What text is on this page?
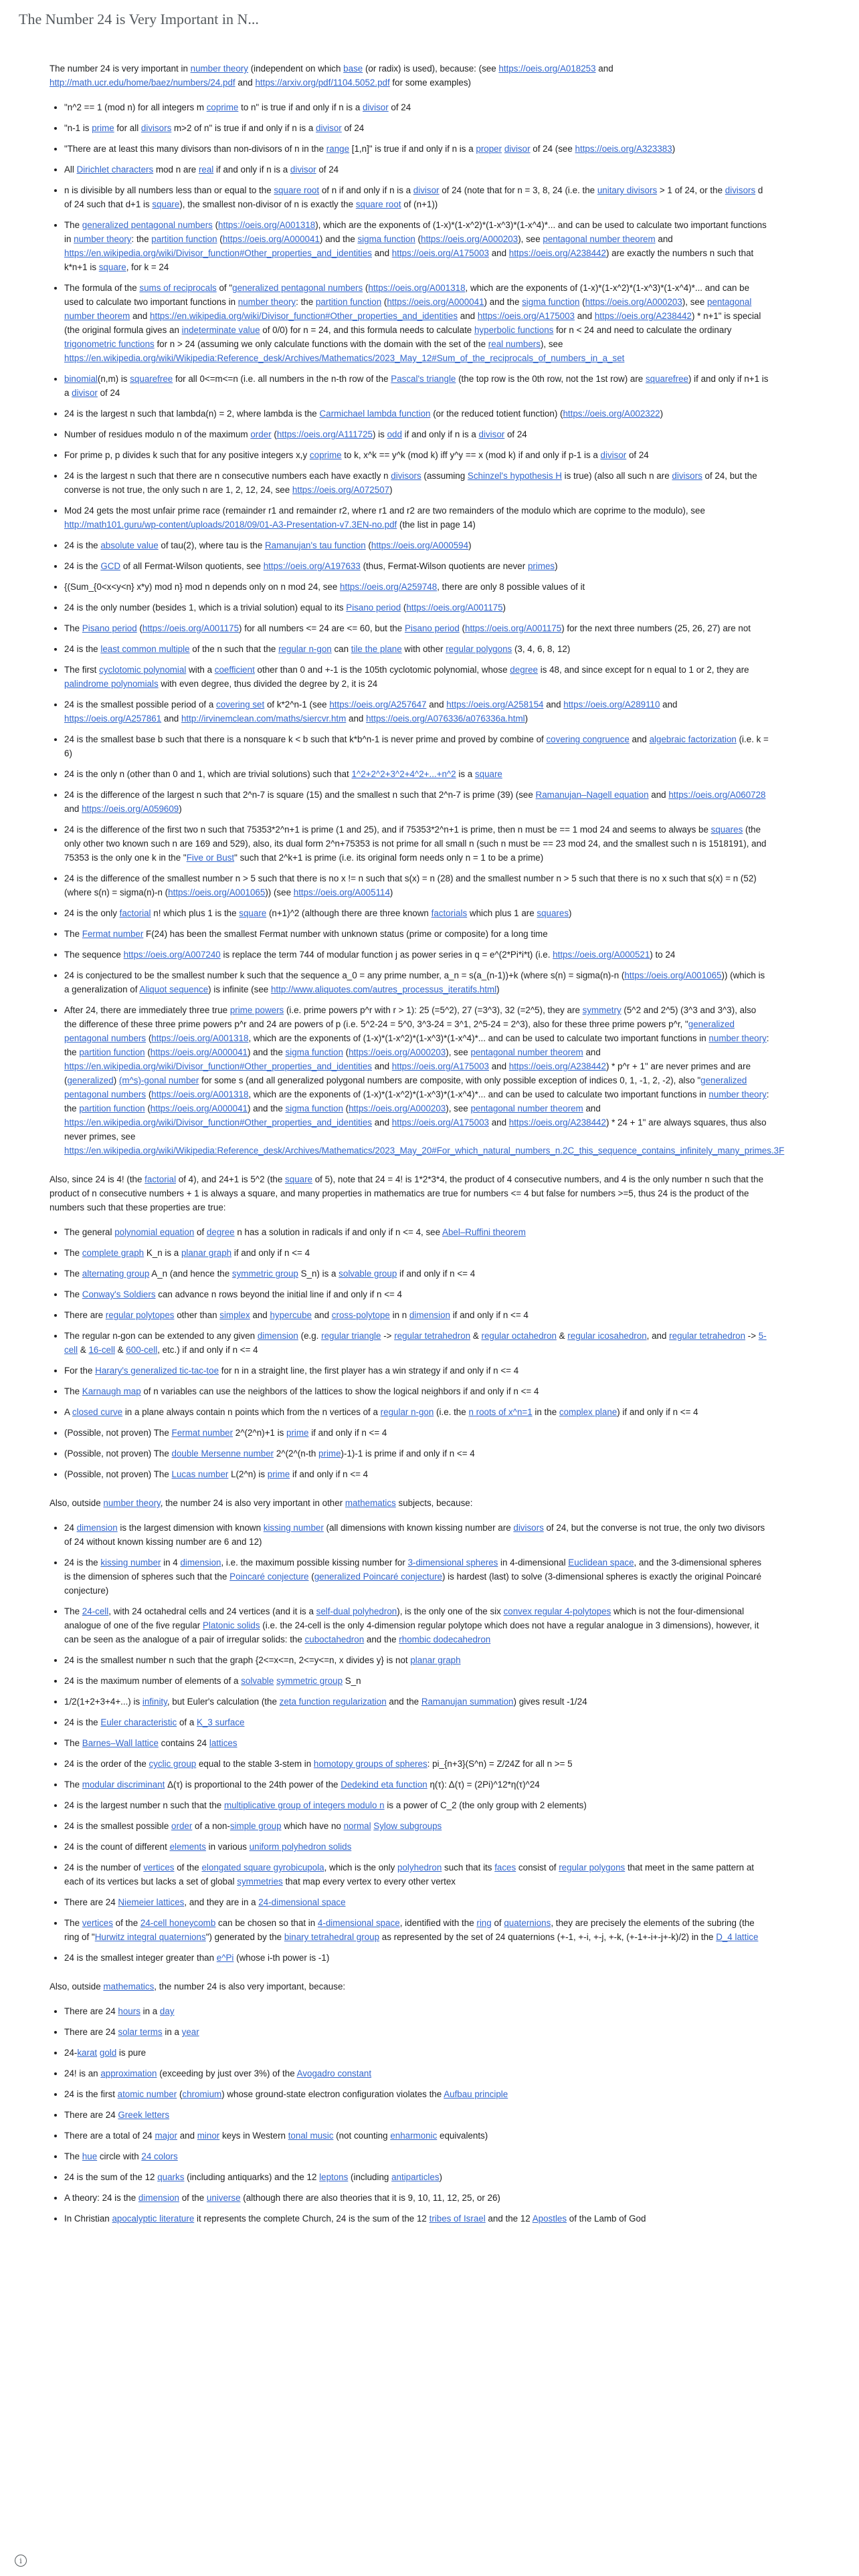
The Number 24 is Very Important in N...

The number 24 is very important in number theory (independent on which base (or radix) is used), because: (see https://oeis.org/A018253 and http://math.ucr.edu/home/baez/numbers/24.pdf and https://arxiv.org/pdf/1104.5052.pdf for some examples)

• "n^2 == 1 (mod n) for all integers m coprime to n" is true if and only if n is a divisor of 24
• "n-1 is prime for all divisors m>2 of n" is true if and only if n is a divisor of 24
• "There are at least this many divisors than non-divisors of n in the range [1,n]" is true if and only if n is a proper divisor of 24 (see https://oeis.org/A323383)
• All Dirichlet characters mod n are real if and only if n is a divisor of 24
• n is divisible by all numbers less than or equal to the square root of n if and only if n is a divisor of 24 (note that for n = 3, 8, 24 (i.e. the unitary divisors > 1 of 24, or the divisors d of 24 such that d+1 is square), the smallest non-divisor of n is exactly the square root of (n+1))
• The generalized pentagonal numbers (https://oeis.org/A001318), which are the exponents of (1-x)*(1-x^2)*(1-x^3)*(1-x^4)*... and can be used to calculate two important functions in number theory: the partition function (https://oeis.org/A000041) and the sigma function (https://oeis.org/A000203), see pentagonal number theorem and https://en.wikipedia.org/wiki/Divisor_function#Other_properties_and_identities and https://oeis.org/A175003 and https://oeis.org/A238442) are exactly the numbers n such that k*n+1 is square, for k = 24
• The formula of the sums of reciprocals of "generalized pentagonal numbers (https://oeis.org/A001318, which are the exponents of (1-x)*(1-x^2)*(1-x^3)*(1-x^4)*... and can be used to calculate two important functions in number theory: the partition function (https://oeis.org/A000041) and the sigma function (https://oeis.org/A000203), see pentagonal number theorem and https://en.wikipedia.org/wiki/Divisor_function#Other_properties_and_identities and https://oeis.org/A175003 and https://oeis.org/A238442) * n+1" is special (the original formula gives an indeterminate value of 0/0) for n = 24, and this formula needs to calculate hyperbolic functions for n < 24 and need to calculate the ordinary trigonometric functions for n > 24 (assuming we only calculate functions with the domain with the set of the real numbers), see https://en.wikipedia.org/wiki/Wikipedia:Reference_desk/Archives/Mathematics/2023_May_12#Sum_of_the_reciprocals_of_numbers_in_a_set
• binomial(n,m) is squarefree for all 0<=m<=n (i.e. all numbers in the n-th row of the Pascal's triangle (the top row is the 0th row, not the 1st row) are squarefree) if and only if n+1 is a divisor of 24
• 24 is the largest n such that lambda(n) = 2, where lambda is the Carmichael lambda function (or the reduced totient function) (https://oeis.org/A002322)
• Number of residues modulo n of the maximum order (https://oeis.org/A111725) is odd if and only if n is a divisor of 24
• For prime p, p divides k such that for any positive integers x,y coprime to k, x^k == y^k (mod k) iff y^y == x (mod k) if and only if p-1 is a divisor of 24
• 24 is the largest n such that there are n consecutive numbers each have exactly n divisors (assuming Schinzel's hypothesis H is true) (also all such n are divisors of 24, but the converse is not true, the only such n are 1, 2, 12, 24, see https://oeis.org/A072507)
• Mod 24 gets the most unfair prime race (remainder r1 and remainder r2, where r1 and r2 are two remainders of the modulo which are coprime to the modulo), see http://math101.guru/wp-content/uploads/2018/09/01-A3-Presentation-v7.3EN-no.pdf (the list in page 14)
• 24 is the absolute value of tau(2), where tau is the Ramanujan's tau function (https://oeis.org/A000594)
• 24 is the GCD of all Fermat-Wilson quotients, see https://oeis.org/A197633 (thus, Fermat-Wilson quotients are never primes)
• {(Sum_{0<x<y<n} x*y) mod n} mod n depends only on n mod 24, see https://oeis.org/A259748, there are only 8 possible values of it
• 24 is the only number (besides 1, which is a trivial solution) equal to its Pisano period (https://oeis.org/A001175)
• The Pisano period (https://oeis.org/A001175) for all numbers <= 24 are <= 60, but the Pisano period (https://oeis.org/A001175) for the next three numbers (25, 26, 27) are not
• 24 is the least common multiple of the n such that the regular n-gon can tile the plane with other regular polygons (3, 4, 6, 8, 12)
• The first cyclotomic polynomial with a coefficient other than 0 and +-1 is the 105th cyclotomic polynomial, whose degree is 48, and since except for n equal to 1 or 2, they are palindrome polynomials with even degree, thus divided the degree by 2, it is 24
• 24 is the smallest possible period of a covering set of k*2^n-1 (see https://oeis.org/A257647 and https://oeis.org/A258154 and https://oeis.org/A289110 and https://oeis.org/A257861 and http://irvinemclean.com/maths/siercvr.htm and https://oeis.org/A076336/a076336a.html)
• 24 is the smallest base b such that there is a nonsquare k < b such that k*b^n-1 is never prime and proved by combine of covering congruence and algebraic factorization (i.e. k = 6)
• 24 is the only n (other than 0 and 1, which are trivial solutions) such that 1^2+2^2+3^2+4^2+...+n^2 is a square
• 24 is the difference of the largest n such that 2^n-7 is square (15) and the smallest n such that 2^n-7 is prime (39) (see Ramanujan–Nagell equation and https://oeis.org/A060728 and https://oeis.org/A059609)
• 24 is the difference of the first two n such that 75353*2^n+1 is prime (1 and 25), and if 75353*2^n+1 is prime, then n must be == 1 mod 24 and seems to always be squares (the only other two known such n are 169 and 529), also, its dual form 2^n+75353 is not prime for all small n (such n must be == 23 mod 24, and the smallest such n is 1518191), and 75353 is the only one k in the "Five or Bust" such that 2^k+1 is prime (i.e. its original form needs only n = 1 to be a prime)
• 24 is the difference of the smallest number n > 5 such that there is no x != n such that s(x) = n (28) and the smallest number n > 5 such that there is no x such that s(x) = n (52) (where s(n) = sigma(n)-n (https://oeis.org/A001065)) (see https://oeis.org/A005114)
• 24 is the only factorial n! which plus 1 is the square (n+1)^2 (although there are three known factorials which plus 1 are squares)
• The Fermat number F(24) has been the smallest Fermat number with unknown status (prime or composite) for a long time
• The sequence https://oeis.org/A007240 is replace the term 744 of modular function j as power series in q = e^(2*Pi*i*t) (i.e. https://oeis.org/A000521) to 24
• 24 is conjectured to be the smallest number k such that the sequence a_0 = any prime number, a_n = s(a_(n-1))+k (where s(n) = sigma(n)-n (https://oeis.org/A001065)) (which is a generalization of Aliquot sequence) is infinite (see http://www.aliquotes.com/autres_processus_iteratifs.html)
• After 24, there are immediately three true prime powers (i.e. prime powers p^r with r > 1): 25 (=5^2), 27 (=3^3), 32 (=2^5), they are symmetry (5^2 and 2^5) (3^3 and 3^3), also the difference of these three prime powers p^r and 24 are powers of p (i.e. 5^2-24 = 5^0, 3^3-24 = 3^1, 2^5-24 = 2^3), also for these three prime powers p^r, "generalized pentagonal numbers (https://oeis.org/A001318, which are the exponents of (1-x)*(1-x^2)*(1-x^3)*(1-x^4)*... and can be used to calculate two important functions in number theory: the partition function (https://oeis.org/A000041) and the sigma function (https://oeis.org/A000203), see pentagonal number theorem and https://en.wikipedia.org/wiki/Divisor_function#Other_properties_and_identities and https://oeis.org/A175003 and https://oeis.org/A238442) * p^r + 1" are never primes and are (generalized) (m^s)-gonal number for some s (and all generalized polygonal numbers are composite, with only possible exception of indices 0, 1, -1, 2, -2), also "generalized pentagonal numbers (https://oeis.org/A001318, which are the exponents of (1-x)*(1-x^2)*(1-x^3)*(1-x^4)*... and can be used to calculate two important functions in number theory: the partition function (https://oeis.org/A000041) and the sigma function (https://oeis.org/A000203), see pentagonal number theorem and https://en.wikipedia.org/wiki/Divisor_function#Other_properties_and_identities and https://oeis.org/A175003 and https://oeis.org/A238442) * 24 + 1" are always squares, thus also never primes, see https://en.wikipedia.org/wiki/Wikipedia:Reference_desk/Archives/Mathematics/2023_May_20#For_which_natural_numbers_n.2C_this_sequence_contains_infinitely_many_primes.3F

Also, since 24 is 4! (the factorial of 4), and 24+1 is 5^2 (the square of 5), note that 24 = 4! is 1*2*3*4, the product of 4 consecutive numbers, and 4 is the only number n such that the product of n consecutive numbers + 1 is always a square, and many properties in mathematics are true for numbers <= 4 but false for numbers >=5, thus 24 is the product of the numbers such that these properties are true:

• The general polynomial equation of degree n has a solution in radicals if and only if n <= 4, see Abel–Ruffini theorem
• The complete graph K_n is a planar graph if and only if n <= 4
• The alternating group A_n (and hence the symmetric group S_n) is a solvable group if and only if n <= 4
• The Conway's Soldiers can advance n rows beyond the initial line if and only if n <= 4
• There are regular polytopes other than simplex and hypercube and cross-polytope in n dimension if and only if n <= 4
• The regular n-gon can be extended to any given dimension (e.g. regular triangle -> regular tetrahedron & regular octahedron & regular icosahedron, and regular tetrahedron -> 5-cell & 16-cell & 600-cell, etc.) if and only if n <= 4
• For the Harary's generalized tic-tac-toe for n in a straight line, the first player has a win strategy if and only if n <= 4
• The Karnaugh map of n variables can use the neighbors of the lattices to show the logical neighbors if and only if n <= 4
• A closed curve in a plane always contain n points which from the n vertices of a regular n-gon (i.e. the n roots of x^n=1 in the complex plane) if and only if n <= 4
• (Possible, not proven) The Fermat number 2^(2^n)+1 is prime if and only if n <= 4
• (Possible, not proven) The double Mersenne number 2^(2^(n-th prime)-1)-1 is prime if and only if n <= 4
• (Possible, not proven) The Lucas number L(2^n) is prime if and only if n <= 4

Also, outside number theory, the number 24 is also very important in other mathematics subjects, because:

• 24 dimension is the largest dimension with known kissing number (all dimensions with known kissing number are divisors of 24, but the converse is not true, the only two divisors of 24 without known kissing number are 6 and 12)
• 24 is the kissing number in 4 dimension, i.e. the maximum possible kissing number for 3-dimensional spheres in 4-dimensional Euclidean space, and the 3-dimensional spheres is the dimension of spheres such that the Poincaré conjecture (generalized Poincaré conjecture) is hardest (last) to solve (3-dimensional spheres is exactly the original Poincaré conjecture)
• The 24-cell, with 24 octahedral cells and 24 vertices (and it is a self-dual polyhedron), is the only one of the six convex regular 4-polytopes which is not the four-dimensional analogue of one of the five regular Platonic solids (i.e. the 24-cell is the only 4-dimension regular polytope which does not have a regular analogue in 3 dimensions), however, it can be seen as the analogue of a pair of irregular solids: the cuboctahedron and the rhombic dodecahedron
• 24 is the smallest number n such that the graph {2<=x<=n, 2<=y<=n, x divides y} is not planar graph
• 24 is the maximum number of elements of a solvable symmetric group S_n
• 1/2(1+2+3+4+...) is infinity, but Euler's calculation (the zeta function regularization and the Ramanujan summation) gives result -1/24
• 24 is the Euler characteristic of a K_3 surface
• The Barnes–Wall lattice contains 24 lattices
• 24 is the order of the cyclic group equal to the stable 3-stem in homotopy groups of spheres: pi_{n+3}(S^n) = Z/24Z for all n >= 5
• The modular discriminant Δ(τ) is proportional to the 24th power of the Dedekind eta function η(τ): Δ(τ) = (2Pi)^12*η(τ)^24
• 24 is the largest number n such that the multiplicative group of integers modulo n is a power of C_2 (the only group with 2 elements)
• 24 is the smallest possible order of a non-simple group which have no normal Sylow subgroups
• 24 is the count of different elements in various uniform polyhedron solids
• 24 is the number of vertices of the elongated square gyrobicupola, which is the only polyhedron such that its faces consist of regular polygons that meet in the same pattern at each of its vertices but lacks a set of global symmetries that map every vertex to every other vertex
• There are 24 Niemeier lattices, and they are in a 24-dimensional space
• The vertices of the 24-cell honeycomb can be chosen so that in 4-dimensional space, identified with the ring of quaternions, they are precisely the elements of the subring (the ring of "Hurwitz integral quaternions") generated by the binary tetrahedral group as represented by the set of 24 quaternions (+-1, +-i, +-j, +-k, (+-1+-i+-j+-k)/2) in the D_4 lattice
• 24 is the smallest integer greater than e^Pi (whose i-th power is -1)

Also, outside mathematics, the number 24 is also very important, because:

• There are 24 hours in a day
• There are 24 solar terms in a year
• 24-karat gold is pure
• 24! is an approximation (exceeding by just over 3%) of the Avogadro constant
• 24 is the first atomic number (chromium) whose ground-state electron configuration violates the Aufbau principle
• There are 24 Greek letters
• There are a total of 24 major and minor keys in Western tonal music (not counting enharmonic equivalents)
• The hue circle with 24 colors
• 24 is the sum of the 12 quarks (including antiquarks) and the 12 leptons (including antiparticles)
• A theory: 24 is the dimension of the universe (although there are also theories that it is 9, 10, 11, 12, 25, or 26)
• In Christian apocalyptic literature it represents the complete Church, 24 is the sum of the 12 tribes of Israel and the 12 Apostles of the Lamb of God
i
